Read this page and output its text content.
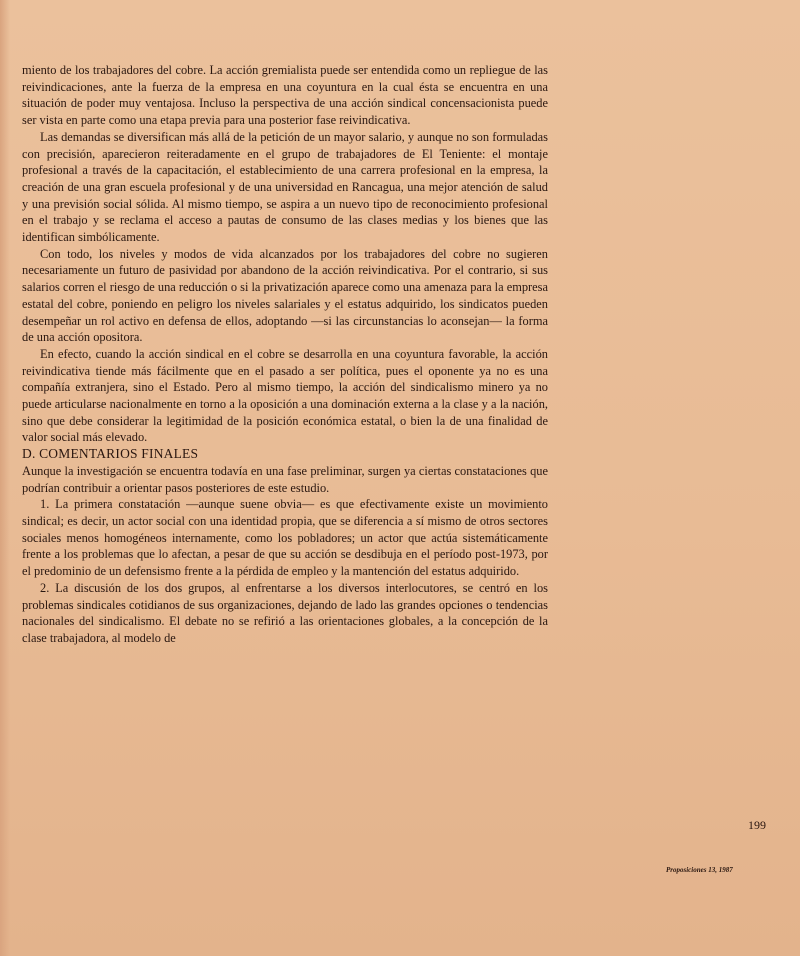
miento de los trabajadores del cobre. La acción gremialista puede ser entendida como un repliegue de las reivindicaciones, ante la fuerza de la empresa en una coyuntura en la cual ésta se encuentra en una situación de poder muy ventajosa. Incluso la perspectiva de una acción sindical concensacionista puede ser vista en parte como una etapa previa para una posterior fase reivindicativa.

Las demandas se diversifican más allá de la petición de un mayor salario, y aunque no son formuladas con precisión, aparecieron reiteradamente en el grupo de trabajadores de El Teniente: el montaje profesional a través de la capacitación, el establecimiento de una carrera profesional en la empresa, la creación de una gran escuela profesional y de una universidad en Rancagua, una mejor atención de salud y una previsión social sólida. Al mismo tiempo, se aspira a un nuevo tipo de reconocimiento profesional en el trabajo y se reclama el acceso a pautas de consumo de las clases medias y los bienes que las identifican simbólicamente.

Con todo, los niveles y modos de vida alcanzados por los trabajadores del cobre no sugieren necesariamente un futuro de pasividad por abandono de la acción reivindicativa. Por el contrario, si sus salarios corren el riesgo de una reducción o si la privatización aparece como una amenaza para la empresa estatal del cobre, poniendo en peligro los niveles salariales y el estatus adquirido, los sindicatos pueden desempeñar un rol activo en defensa de ellos, adoptando —si las circunstancias lo aconsejan— la forma de una acción opositora.

En efecto, cuando la acción sindical en el cobre se desarrolla en una coyuntura favorable, la acción reivindicativa tiende más fácilmente que en el pasado a ser política, pues el oponente ya no es una compañía extranjera, sino el Estado. Pero al mismo tiempo, la acción del sindicalismo minero ya no puede articularse nacionalmente en torno a la oposición a una dominación externa a la clase y a la nación, sino que debe considerar la legitimidad de la posición económica estatal, o bien la de una finalidad de valor social más elevado.

D. COMENTARIOS FINALES

Aunque la investigación se encuentra todavía en una fase preliminar, surgen ya ciertas constataciones que podrían contribuir a orientar pasos posteriores de este estudio.

1. La primera constatación —aunque suene obvia— es que efectivamente existe un movimiento sindical; es decir, un actor social con una identidad propia, que se diferencia a sí mismo de otros sectores sociales menos homogéneos internamente, como los pobladores; un actor que actúa sistemáticamente frente a los problemas que lo afectan, a pesar de que su acción se desdibuja en el período post-1973, por el predominio de un defensismo frente a la pérdida de empleo y la mantención del estatus adquirido.

2. La discusión de los dos grupos, al enfrentarse a los diversos interlocutores, se centró en los problemas sindicales cotidianos de sus organizaciones, dejando de lado las grandes opciones o tendencias nacionales del sindicalismo. El debate no se refirió a las orientaciones globales, a la concepción de la clase trabajadora, al modelo de

199
Proposiciones 13, 1987
